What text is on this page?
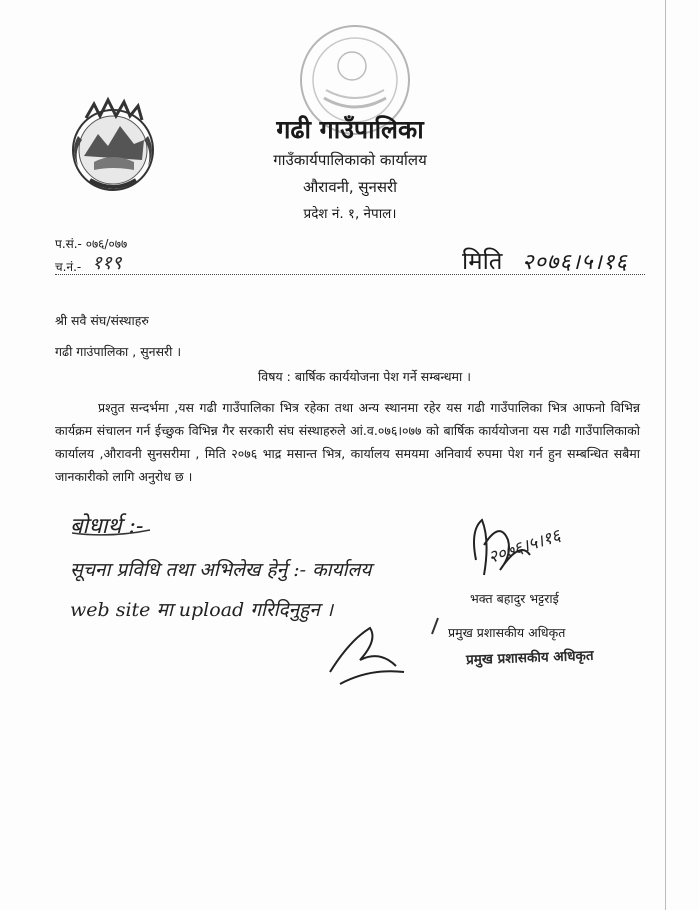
गढी गाउँपालिका
गाउँकार्यपालिकाको कार्यालय
औरावनी, सुनसरी
प्रदेश नं. १, नेपाल।
प.सं.- ०७६/०७७
च.नं.- ११९	मिति २०७६।५।१६
श्री सवै संघ/संस्थाहरु
गढी गाउंपालिका , सुनसरी ।
विषय : बार्षिक कार्ययोजना पेश गर्ने सम्बन्धमा ।
प्रश्तुत सन्दर्भमा ,यस गढी गाउँपालिका भित्र रहेका तथा अन्य स्थानमा रहेर यस गढी गाउँपालिका भित्र आफनो विभिन्न कार्यक्रम संचालन गर्न ईच्छुक विभिन्न गैर सरकारी संघ संस्थाहरुले आं.व.०७६।०७७ को बार्षिक कार्ययोजना यस गढी गाउँपालिकाको कार्यालय ,औरावनी सुनसरीमा , मिति २०७६ भाद्र मसान्त भित्र, कार्यालय समयमा अनिवार्य रुपमा पेश गर्न हुन सम्बन्धित सबैमा जानकारीको लागि अनुरोध छ ।
बोधार्थ :-
सूचना प्रविधि तथा अभिलेख हेर्नु :- कार्यालय
web site मा upload गरिदिनुहुन ।
२०७६।५।१६
भक्त बहादुर भट्टराई
प्रमुख प्रशासकीय अधिकृत
प्रमुख प्रशासकीय अधिकृत
